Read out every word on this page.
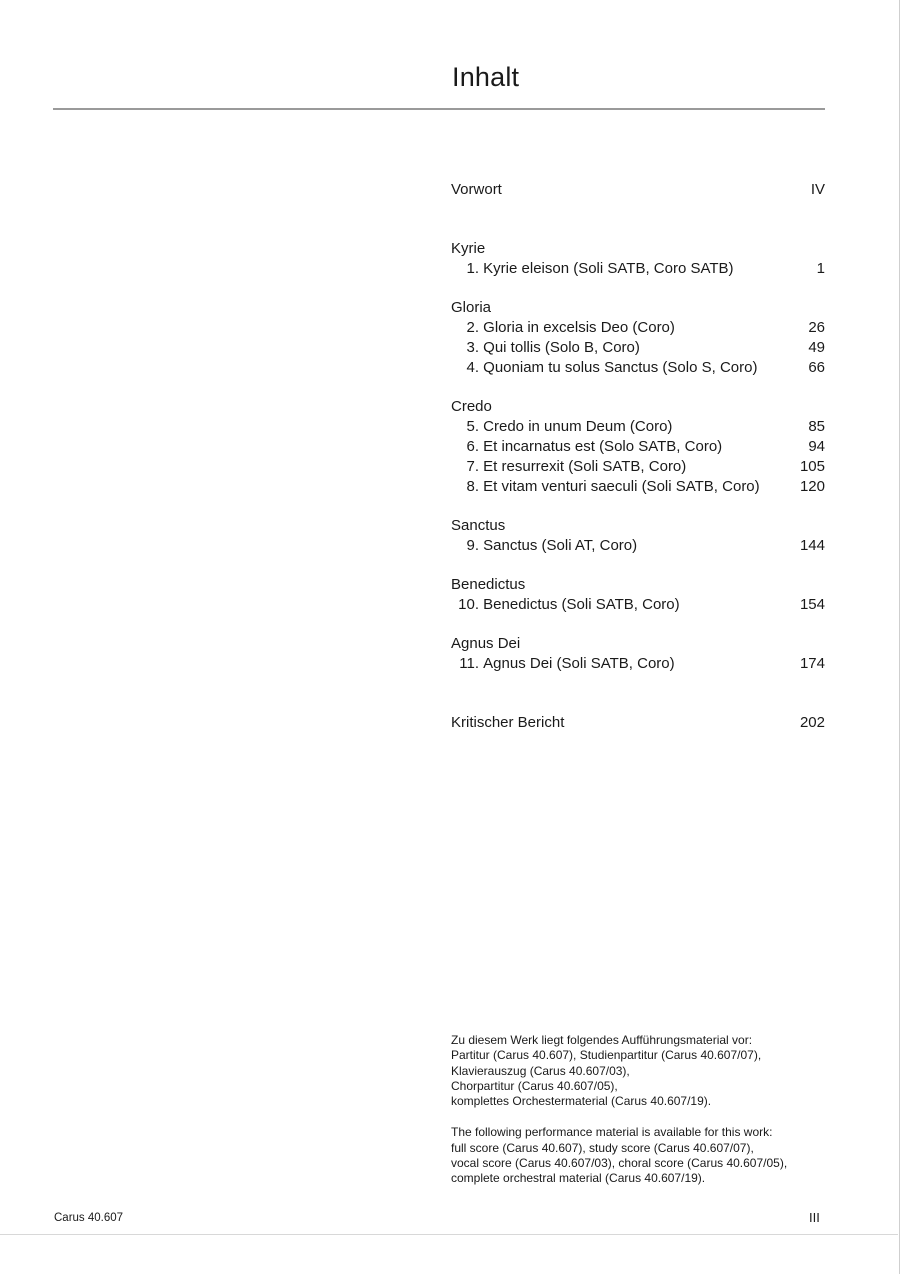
Inhalt
Vorwort	IV
Kyrie
1.
Kyrie eleison (Soli SATB, Coro SATB)	1
Gloria
2.
Gloria in excelsis Deo (Coro)	26
3.
Qui tollis (Solo B, Coro)	49
4.
Quoniam tu solus Sanctus (Solo S, Coro)	66
Credo
5.
Credo in unum Deum (Coro)	85
6.
Et incarnatus est (Solo SATB, Coro)	94
7.
Et resurrexit (Soli SATB, Coro)	105
8.
Et vitam venturi saeculi (Soli SATB, Coro)	120
Sanctus
9.
Sanctus (Soli AT, Coro)	144
Benedictus
10.
Benedictus (Soli SATB, Coro)	154
Agnus Dei
11.
Agnus Dei (Soli SATB, Coro)	174
Kritischer Bericht	202

Zu diesem Werk liegt folgendes Aufführungsmaterial vor:

Partitur (Carus 40.607), Studienpartitur (Carus 40.607/07),

Klavierauszug (Carus 40.607/03),

Chorpartitur (Carus 40.607/05),

komplettes Orchestermaterial (Carus 40.607/19).

The following performance material is available for this work:

full score (Carus 40.607), study score (Carus 40.607/07),

vocal score (Carus 40.607/03), choral score (Carus 40.607/05),

complete orchestral material (Carus 40.607/19).

Carus 40.607	III
